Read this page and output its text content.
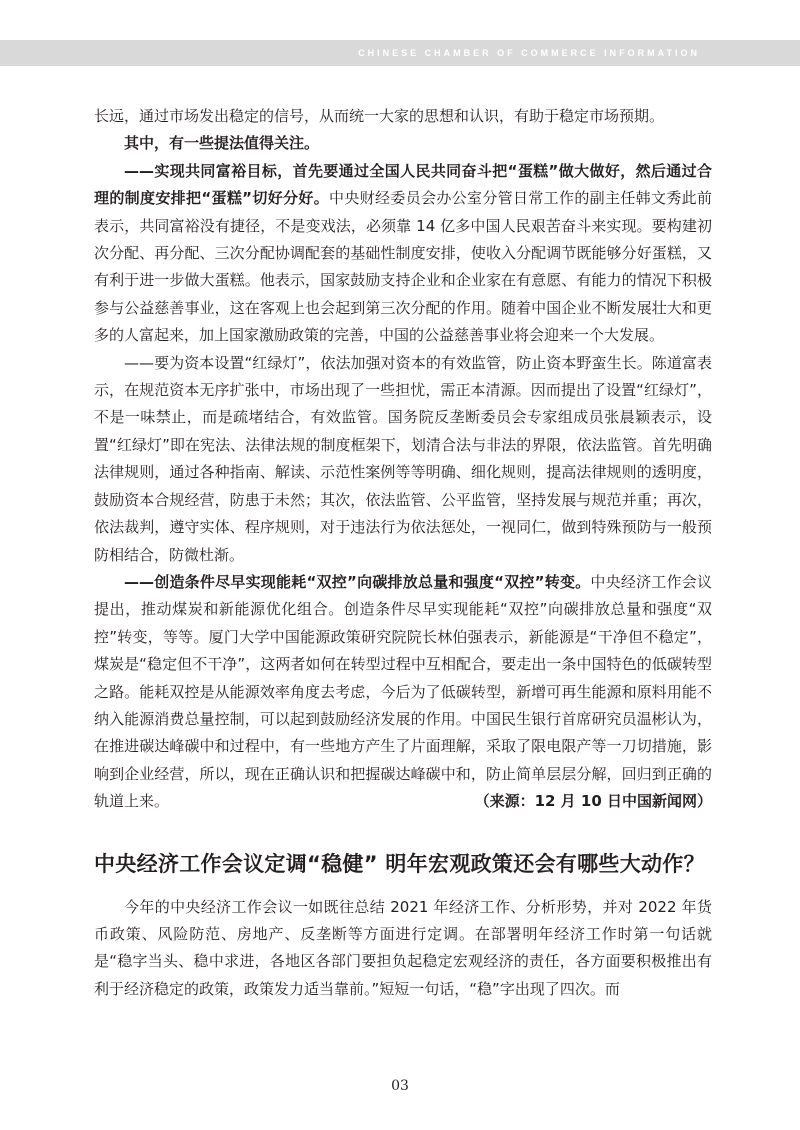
CHINESE CHAMBER OF COMMERCE INFORMATION

长远，通过市场发出稳定的信号，从而统一大家的思想和认识，有助于稳定市场预期。

其中，有一些提法值得关注。

——实现共同富裕目标，首先要通过全国人民共同奋斗把“蛋糕”做大做好，然后通过合理的制度安排把“蛋糕”切好分好。中央财经委员会办公室分管日常工作的副主任韩文秀此前表示，共同富裕没有捷径，不是变戏法，必须靠 14 亿多中国人民艰苦奋斗来实现。要构建初次分配、再分配、三次分配协调配套的基础性制度安排，使收入分配调节既能够分好蛋糕，又有利于进一步做大蛋糕。他表示，国家鼓励支持企业和企业家在有意愿、有能力的情况下积极参与公益慈善事业，这在客观上也会起到第三次分配的作用。随着中国企业不断发展壮大和更多的人富起来，加上国家激励政策的完善，中国的公益慈善事业将会迎来一个大发展。

——要为资本设置“红绿灯”，依法加强对资本的有效监管，防止资本野蛮生长。陈道富表示，在规范资本无序扩张中，市场出现了一些担忧，需正本清源。因而提出了设置“红绿灯”，不是一味禁止，而是疏堵结合，有效监管。国务院反垄断委员会专家组成员张晨颖表示，设置“红绿灯”即在宪法、法律法规的制度框架下，划清合法与非法的界限，依法监管。首先明确法律规则，通过各种指南、解读、示范性案例等等明确、细化规则，提高法律规则的透明度，鼓励资本合规经营，防患于未然；其次，依法监管、公平监管，坚持发展与规范并重；再次，依法裁判，遵守实体、程序规则，对于违法行为依法惩处，一视同仁，做到特殊预防与一般预防相结合，防微杜渐。

——创造条件尽早实现能耗“双控”向碳排放总量和强度“双控”转变。中央经济工作会议提出，推动煤炭和新能源优化组合。创造条件尽早实现能耗“双控”向碳排放总量和强度“双控”转变，等等。厦门大学中国能源政策研究院院长林伯强表示，新能源是“干净但不稳定”，煤炭是“稳定但不干净”，这两者如何在转型过程中互相配合，要走出一条中国特色的低碳转型之路。能耗双控是从能源效率角度去考虑，今后为了低碳转型，新增可再生能源和原料用能不纳入能源消费总量控制，可以起到鼓励经济发展的作用。中国民生银行首席研究员温彬认为，在推进碳达峰碳中和过程中，有一些地方产生了片面理解，采取了限电限产等一刀切措施，影响到企业经营，所以，现在正确认识和把握碳达峰碳中和，防止简单层层分解，回归到正确的轨道上来。	（来源：12 月 10 日中国新闻网）

中央经济工作会议定调“稳健” 明年宏观政策还会有哪些大动作？

今年的中央经济工作会议一如既往总结 2021 年经济工作、分析形势，并对 2022 年货币政策、风险防范、房地产、反垄断等方面进行定调。在部署明年经济工作时第一句话就是“稳字当头、稳中求进，各地区各部门要担负起稳定宏观经济的责任，各方面要积极推出有利于经济稳定的政策，政策发力适当靠前。”短短一句话，“稳”字出现了四次。而

03
